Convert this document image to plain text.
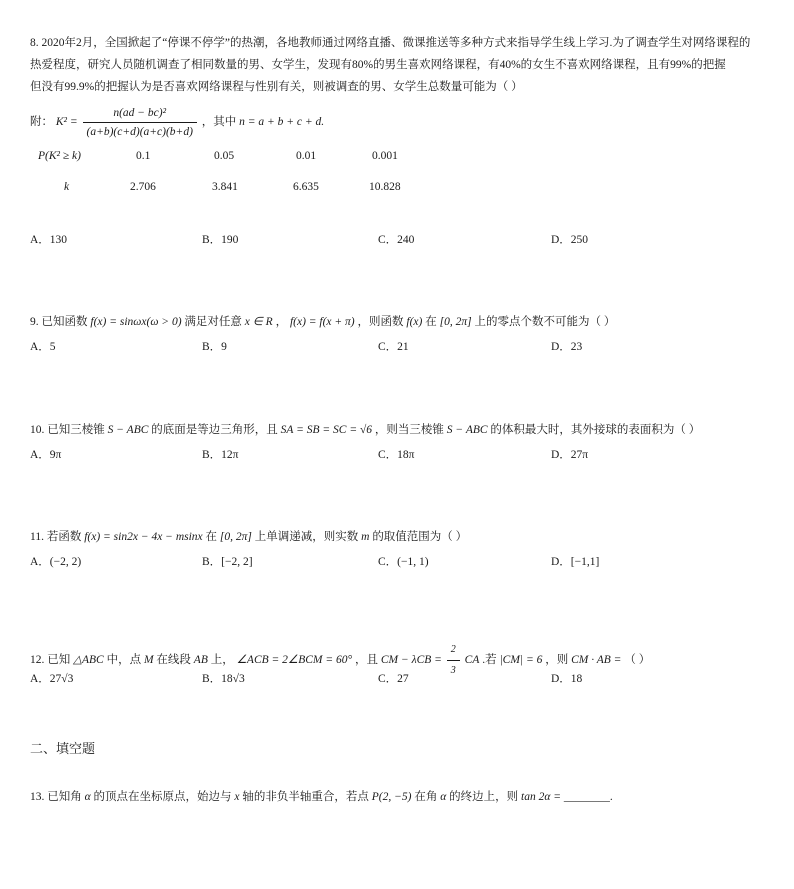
8. 2020年2月，全国掀起了“停课不停学”的热潮，各地教师通过网络直播、微课推送等多种方式来指导学生线上学习.为了调查学生对网络课程的
热爱程度，研究人员随机调查了相同数量的男、女学生，发现有80%的男生喜欢网络课程，有40%的女生不喜欢网络课程，且有99%的把握
但没有99.9%的把握认为是否喜欢网络课程与性别有关，则被调查的男、女学生总数量可能为（ ）
附： $K^2 = \frac{\text{n(ad − bc)²}}{(a+b)(c+d)(a+c)(b+d)}$ ，其中 n = a + b + c + d.
P(K² ≥ k)	0.1	0.05	0.01	0.001
k	2.706	3.841	6.635	10.828
A．130	B．190	C．240	D．250
9. 已知函数 f(x) = sinωx(ω > 0) 满足对任意 x ∈ R ， f(x) = f(x + π) ，则函数 f(x) 在 [0, 2π] 上的零点个数不可能为（ ）
A．5	B．9	C．21	D．23
10. 已知三棱锥 S − ABC 的底面是等边三角形，且 SA = SB = SC = √6 ，则当三棱锥 S − ABC 的体积最大时，其外接球的表面积为（ ）
A．9π	B．12π	C．18π	D．27π
11. 若函数 f(x) = sin2x − 4x − msinx 在 [0, 2π] 上单调递减，则实数 m 的取值范围为（ ）
A．(−2, 2)	B．[−2, 2]	C．(−1, 1)	D．[−1,1]
12. 已知 △ABC 中，点 M 在线段 AB 上， ∠ACB = 2∠BCM = 60° ，且 CM − $\lambda CB = \frac{2}{3}$ CA .若 |CM| = 6 ，则 CM · AB = （ ）
A．27√3	B．18√3	C．27	D．18
二、填空题
13. 已知角 α 的顶点在坐标原点，始边与 x 轴的非负半轴重合，若点 P(2, −5) 在角 α 的终边上，则 tan 2α = ________.
